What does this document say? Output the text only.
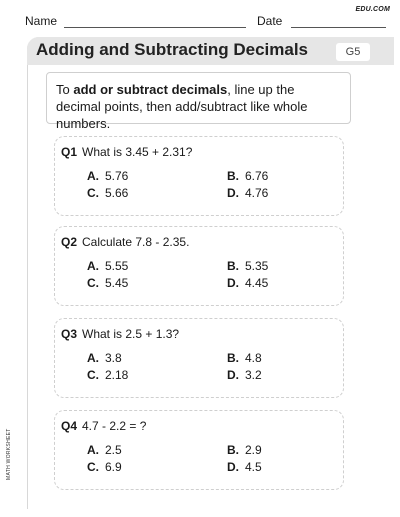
EDU.COM
Name	Date
Adding and Subtracting Decimals	G5
To add or subtract decimals, line up the decimal points, then add/subtract like whole numbers.
Q1 What is 3.45 + 2.31?
A. 5.76	B. 6.76
C. 5.66	D. 4.76
Q2 Calculate 7.8 - 2.35.
A. 5.55	B. 5.35
C. 5.45	D. 4.45
Q3 What is 2.5 + 1.3?
A. 3.8	B. 4.8
C. 2.18	D. 3.2
Q4 4.7 - 2.2 = ?
A. 2.5	B. 2.9
C. 6.9	D. 4.5
MATH WORKSHEET
